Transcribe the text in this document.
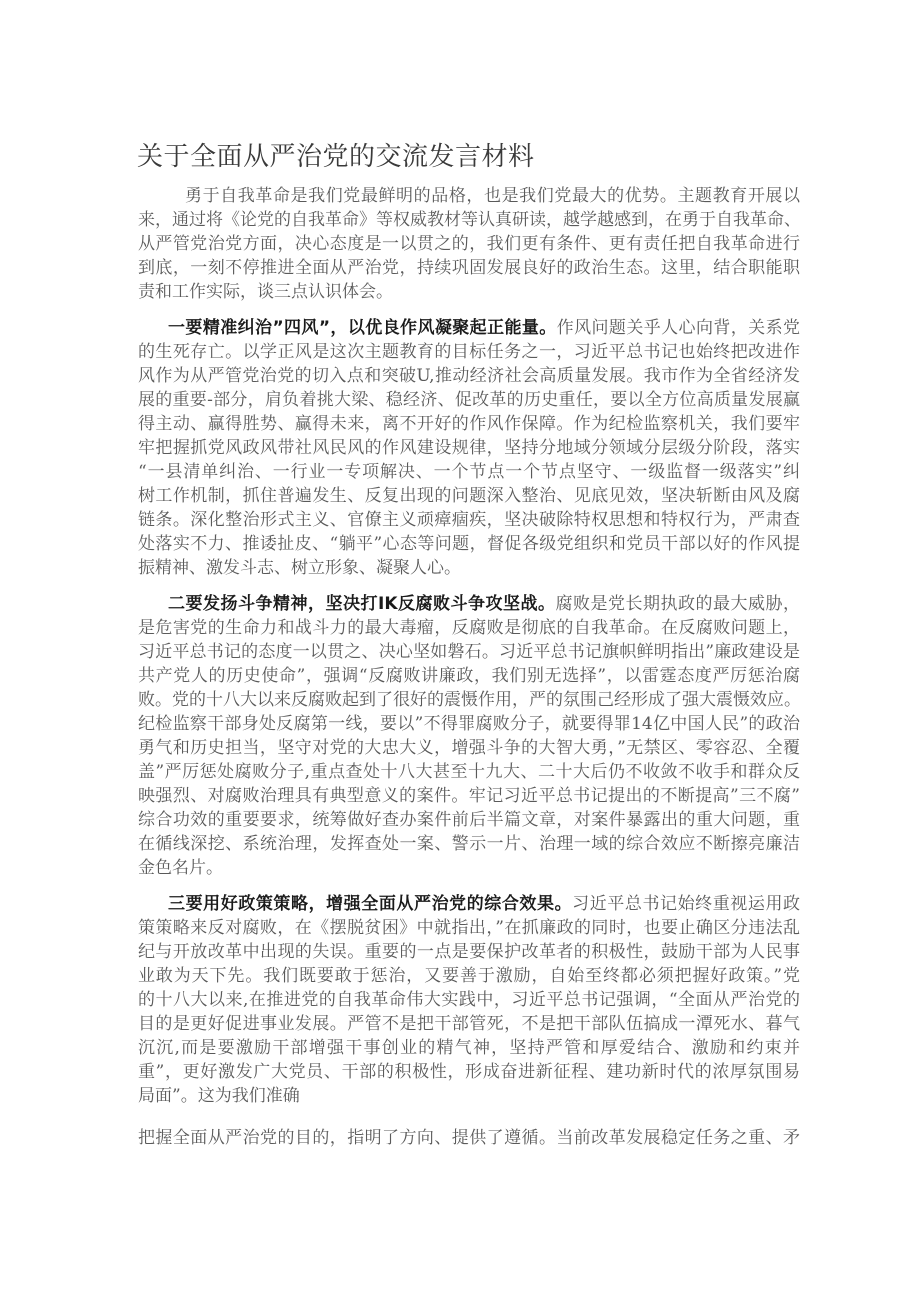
关于全面从严治党的交流发言材料
勇于自我革命是我们党最鲜明的品格，也是我们党最大的优势。主题教育开展以
来，通过将《论党的自我革命》等权威教材等认真研读，越学越感到，在勇于自我革命、
从严管党治党方面，决心态度是一以贯之的，我们更有条件、更有责任把自我革命进行
到底，一刻不停推进全面从严治党，持续巩固发展良好的政治生态。这里，结合职能职
责和工作实际，谈三点认识体会。
一要精准纠治”四风”，以优良作风凝聚起正能量。作风问题关乎人心向背，关系党
的生死存亡。以学正风是这次主题教育的目标任务之一，习近平总书记也始终把改进作
风作为从严管党治党的切入点和突破U,推动经济社会高质量发展。我市作为全省经济发
展的重要-部分，肩负着挑大梁、稳经济、促改革的历史重任，要以全方位高质量发展赢
得主动、赢得胜势、赢得未来，离不开好的作风作保障。作为纪检监察机关，我们要牢
牢把握抓党风政风带社风民风的作风建设规律，坚持分地域分领域分层级分阶段，落实
“一县清单纠治、一行业一专项解决、一个节点一个节点坚守、一级监督一级落实”纠
树工作机制，抓住普遍发生、反复出现的问题深入整治、见底见效，坚决斩断由风及腐
链条。深化整治形式主义、官僚主义顽瘴痼疾，坚决破除特权思想和特权行为，严肃查
处落实不力、推诿扯皮、“躺平”心态等问题，督促各级党组织和党员干部以好的作风提
振精神、激发斗志、树立形象、凝聚人心。
二要发扬斗争精神，坚决打IK反腐败斗争攻坚战。腐败是党长期执政的最大威胁，
是危害党的生命力和战斗力的最大毒瘤，反腐败是彻底的自我革命。在反腐败问题上，
习近平总书记的态度一以贯之、决心坚如磐石。习近平总书记旗帜鲜明指出”廉政建设是
共产党人的历史使命”，强调“反腐败讲廉政，我们别无选择”，以雷霆态度严厉惩治腐
败。党的十八大以来反腐败起到了很好的震慑作用，严的氛围己经形成了强大震慑效应。
纪检监察干部身处反腐第一线，要以”不得罪腐败分子，就要得罪14亿中国人民”的政治
勇气和历史担当，坚守对党的大忠大义，增强斗争的大智大勇，”无禁区、零容忍、全覆
盖”严厉惩处腐败分子,重点查处十八大甚至十九大、二十大后仍不收敛不收手和群众反
映强烈、对腐败治理具有典型意义的案件。牢记习近平总书记提出的不断提高”三不腐”
综合功效的重要要求，统筹做好查办案件前后半篇文章，对案件暴露出的重大问题，重
在循线深挖、系统治理，发挥查处一案、警示一片、治理一域的综合效应不断擦亮廉洁
金色名片。
三要用好政策策略，增强全面从严治党的综合效果。习近平总书记始终重视运用政
策策略来反对腐败，在《摆脱贫困》中就指出，”在抓廉政的同时，也要止确区分违法乱
纪与开放改革中出现的失误。重要的一点是要保护改革者的积极性，鼓励干部为人民事
业敢为天下先。我们既要敢于惩治，又要善于激励，自始至终都必须把握好政策。”党
的十八大以来,在推进党的自我革命伟大实践中，习近平总书记强调，“全面从严治党的
目的是更好促进事业发展。严管不是把干部管死，不是把干部队伍搞成一潭死水、暮气
沉沉,而是要激励干部增强干事创业的精气神，坚持严管和厚爱结合、激励和约束并
重”，更好激发广大党员、干部的积极性，形成奋进新征程、建功新时代的浓厚氛围易
局面”。这为我们准确
把握全面从严治党的目的，指明了方向、提供了遵循。当前改革发展稳定任务之重、矛
